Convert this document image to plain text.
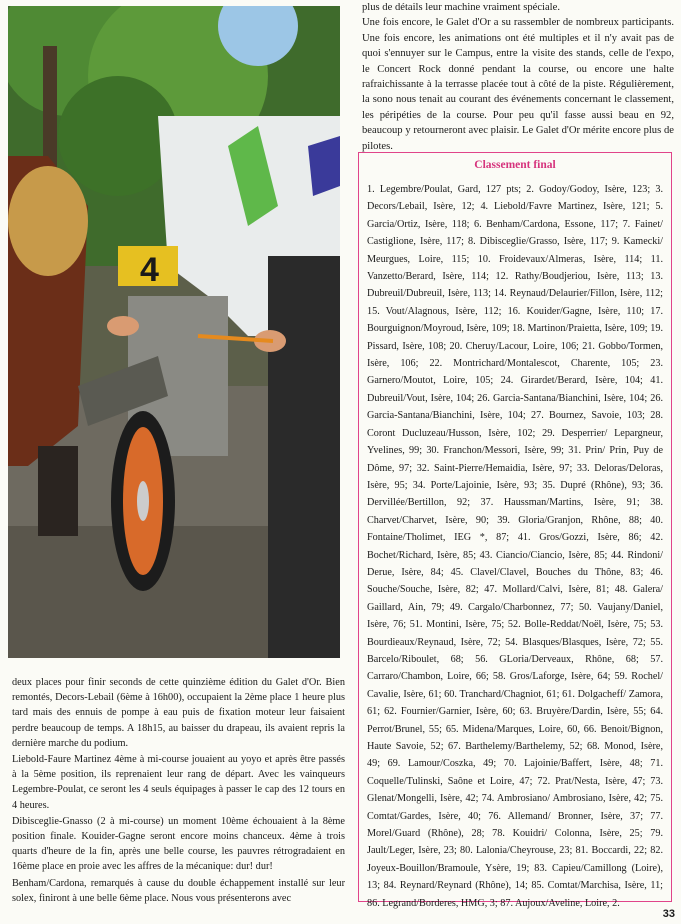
4

plus de détails leur machine vraiment spéciale.

Une fois encore, le Galet d'Or a su rassembler de nombreux participants. Une fois encore, les animations ont été multiples et il n'y avait pas de quoi s'ennuyer sur le Campus, entre la visite des stands, celle de l'expo, le Concert Rock donné pendant la course, ou encore une halte rafraichissante à la terrasse placée tout à côté de la piste. Régulièrement, la sono nous tenait au courant des événements concernant le classement, les péripéties de la course. Pour peu qu'il fasse aussi beau en 92, beaucoup y retourneront avec plaisir. Le Galet d'Or mérite encore plus de pilotes.

Classement final
1. Legembre/Poulat, Gard, 127 pts; 2. Godoy/Godoy, Isère, 123; 3. Decors/Lebail, Isère, 12; 4. Liebold/Favre Martinez, Isère, 121; 5. Garcia/Ortiz, Isère, 118; 6. Benham/Cardona, Essone, 117; 7. Fainet/ Castiglione, Isère, 117; 8. Dibisceglie/Grasso, Isère, 117; 9. Kamecki/ Meurgues, Loire, 115; 10. Froidevaux/Almeras, Isère, 114; 11. Vanzetto/Berard, Isère, 114; 12. Rathy/Boudjeriou, Isère, 113; 13. Dubreuil/Dubreuil, Isère, 113; 14. Reynaud/Delaurier/Fillon, Isère, 112; 15. Vout/Alagnous, Isère, 112; 16. Kouider/Gagne, Isère, 110; 17. Bourguignon/Moyroud, Isère, 109; 18. Martinon/Praietta, Isère, 109; 19. Pissard, Isère, 108; 20. Cheruy/Lacour, Loire, 106; 21. Gobbo/Tormen, Isère, 106; 22. Montrichard/Montalescot, Charente, 105; 23. Garnero/Moutot, Loire, 105; 24. Girardet/Berard, Isère, 104; 41. Dubreuil/Vout, Isère, 104; 26. Garcia-Santana/Bianchini, Isère, 104; 26. Garcia-Santana/Bianchini, Isère, 104; 27. Bournez, Savoie, 103; 28. Coront Ducluzeau/Husson, Isère, 102; 29. Desperrier/ Lepargneur, Yvelines, 99; 30. Franchon/Messori, Isère, 99; 31. Prin/ Prin, Puy de Dôme, 97; 32. Saint-Pierre/Hemaidia, Isère, 97; 33. Deloras/Deloras, Isère, 95; 34. Porte/Lajoinie, Isère, 93; 35. Dupré (Rhône), 93; 36. Dervillée/Bertillon, 92; 37. Haussman/Martins, Isère, 91; 38. Charvet/Charvet, Isère, 90; 39. Gloria/Granjon, Rhône, 88; 40. Fontaine/Tholimet, IEG *, 87; 41. Gros/Gozzi, Isère, 86; 42. Bochet/Richard, Isère, 85; 43. Ciancio/Ciancio, Isère, 85; 44. Rindoni/ Derue, Isère, 84; 45. Clavel/Clavel, Bouches du Thône, 83; 46. Souche/Souche, Isère, 82; 47. Mollard/Calvi, Isère, 81; 48. Galera/ Gaillard, Ain, 79; 49. Cargalo/Charbonnez, 77; 50. Vaujany/Daniel, Isère, 76; 51. Montini, Isère, 75; 52. Bolle-Reddat/Noël, Isère, 75; 53. Bourdieaux/Reynaud, Isère, 72; 54. Blasques/Blasques, Isère, 72; 55. Barcelo/Riboulet, 68; 56. GLoria/Derveaux, Rhône, 68; 57. Carraro/Chambon, Loire, 66; 58. Gros/Laforge, Isère, 64; 59. Rochel/ Cavalie, Isère, 61; 60. Tranchard/Chagniot, 61; 61. Dolgacheff/ Zamora, 61; 62. Fournier/Garnier, Isère, 60; 63. Bruyère/Dardin, Isère, 55; 64. Perrot/Brunel, 55; 65. Midena/Marques, Loire, 60, 66. Benoit/Bignon, Haute Savoie, 52; 67. Barthelemy/Barthelemy, 52; 68. Monod, Isère, 49; 69. Lamour/Coszka, 49; 70. Lajoinie/Baffert, Isère, 48; 71. Coquelle/Tulinski, Saône et Loire, 47; 72. Prat/Nesta, Isère, 47; 73. Glenat/Mongelli, Isère, 42; 74. Ambrosiano/ Ambrosiano, Isère, 42; 75. Comtat/Gardes, Isère, 40; 76. Allemand/ Bronner, Isère, 37; 77. Morel/Guard (Rhône), 28; 78. Kouidri/ Colonna, Isère, 25; 79. Jault/Leger, Isère, 23; 80. Lalonia/Cheyrouse, 23; 81. Boccardi, 22; 82. Joyeux-Bouillon/Bramoule, Ysère, 19; 83. Capieu/Camillong (Loire), 13; 84. Reynard/Reynard (Rhône), 14; 85. Comtat/Marchisa, Isère, 11; 86. Legrand/Borderes, HMG, 3; 87. Aujoux/Aveline, Loire, 2.

deux places pour finir seconds de cette quinzième édition du Galet d'Or. Bien remontés, Decors-Lebail (6ème à 16h00), occupaient la 2ème place 1 heure plus tard mais des ennuis de pompe à eau puis de fixation moteur leur faisaient perdre beaucoup de temps. A 18h15, au baisser du drapeau, ils avaient repris la dernière marche du podium.

Liebold-Faure Martinez 4ème à mi-course jouaient au yoyo et après être passés à la 5ème position, ils reprenaient leur rang de départ. Avec les vainqueurs Legembre-Poulat, ce seront les 4 seuls équipages à passer le cap des 12 tours en 4 heures.

Dibisceglie-Gnasso (2 à mi-course) un moment 10ème échouaient à la 8ème position finale. Kouider-Gagne seront encore moins chanceux. 4ème à trois quarts d'heure de la fin, après une belle course, les pauvres rétrogradaient en 16ème place en proie avec les affres de la mécanique: dur! dur!

Benham/Cardona, remarqués à cause du double échappement installé sur leur solex, finiront à une belle 6ème place. Nous vous présenterons avec

33
